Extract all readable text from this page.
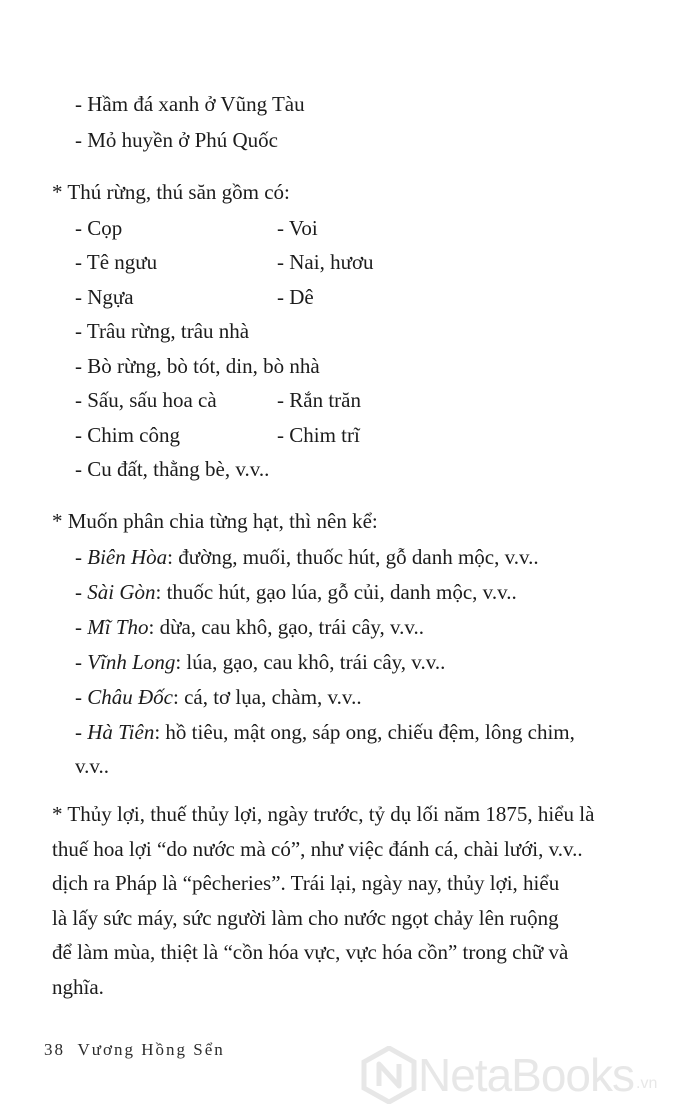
- Hầm đá xanh ở Vũng Tàu
- Mỏ huyền ở Phú Quốc
* Thú rừng, thú săn gồm có:
- Cọp	- Voi
- Tê ngưu	- Nai, hươu
- Ngựa	- Dê
- Trâu rừng, trâu nhà
- Bò rừng, bò tót, din, bò nhà
- Sấu, sấu hoa cà	- Rắn trăn
- Chim công	- Chim trĩ
- Cu đất, thằng bè, v.v..
* Muốn phân chia từng hạt, thì nên kể:
- Biên Hòa: đường, muối, thuốc hút, gỗ danh mộc, v.v..
- Sài Gòn: thuốc hút, gạo lúa, gỗ củi, danh mộc, v.v..
- Mĩ Tho: dừa, cau khô, gạo, trái cây, v.v..
- Vĩnh Long: lúa, gạo, cau khô, trái cây, v.v..
- Châu Đốc: cá, tơ lụa, chàm, v.v..
- Hà Tiên: hồ tiêu, mật ong, sáp ong, chiếu đệm, lông chim,
v.v..

* Thủy lợi, thuế thủy lợi, ngày trước, tỷ dụ lối năm 1875, hiểu là

thuế hoa lợi “do nước mà có”, như việc đánh cá, chài lưới, v.v..

dịch ra Pháp là “pêcheries”. Trái lại, ngày nay, thủy lợi, hiểu

là lấy sức máy, sức người làm cho nước ngọt chảy lên ruộng

để làm mùa, thiệt là “cồn hóa vực, vực hóa cồn” trong chữ và

nghĩa.

38 Vương Hồng Sển	NetaBooks .vn
